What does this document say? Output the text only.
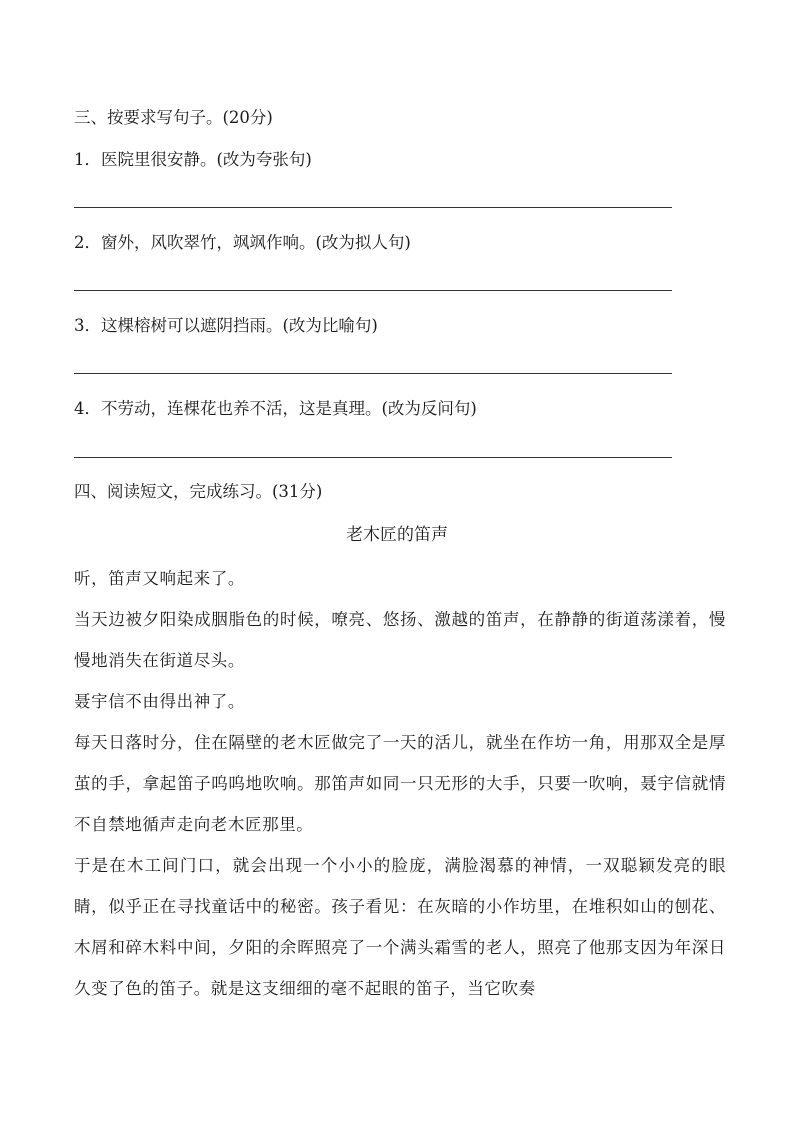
三、按要求写句子。(20分)
1．医院里很安静。(改为夸张句)
2．窗外，风吹翠竹，飒飒作响。(改为拟人句)
3．这棵榕树可以遮阴挡雨。(改为比喻句)
4．不劳动，连棵花也养不活，这是真理。(改为反问句)
四、阅读短文，完成练习。(31分)
老木匠的笛声
听，笛声又响起来了。
当天边被夕阳染成胭脂色的时候，嘹亮、悠扬、激越的笛声，在静静的街道荡漾着，慢慢地消失在街道尽头。
聂宇信不由得出神了。
每天日落时分，住在隔壁的老木匠做完了一天的活儿，就坐在作坊一角，用那双全是厚茧的手，拿起笛子呜呜地吹响。那笛声如同一只无形的大手，只要一吹响，聂宇信就情不自禁地循声走向老木匠那里。
于是在木工间门口，就会出现一个小小的脸庞，满脸渴慕的神情，一双聪颖发亮的眼睛，似乎正在寻找童话中的秘密。孩子看见：在灰暗的小作坊里，在堆积如山的刨花、木屑和碎木料中间，夕阳的余晖照亮了一个满头霜雪的老人，照亮了他那支因为年深日久变了色的笛子。就是这支细细的毫不起眼的笛子，当它吹奏
